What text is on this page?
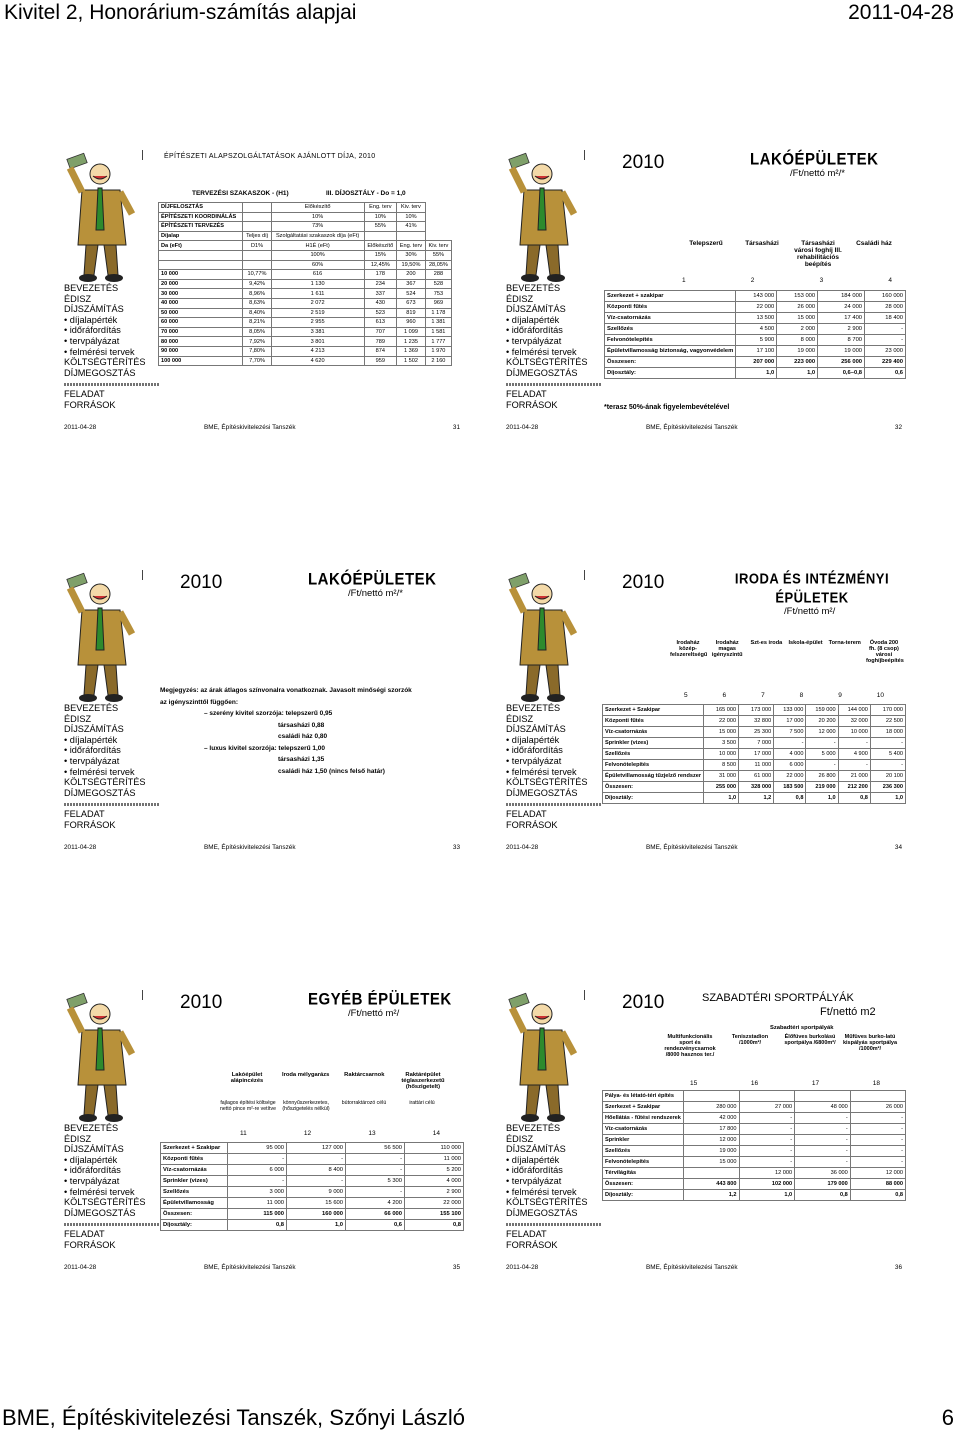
Kivitel 2, Honorárium-számítás alapjai	2011-04-28
BEVEZETÉS
ÉDISZ
DÍJSZÁMÍTÁS
• díjalapérték
• időráfordítás
• tervpályázat
• felmérési tervek
KÖLTSÉGTÉRÍTÉS
DÍJMEGOSZTÁS
FELADAT
FORRÁSOK
2011-04-28	BME, Építéskivitelezési Tanszék	31
ÉPÍTÉSZETI ALAPSZOLGÁLTATÁSOK AJÁNLOTT DÍJA, 2010
TERVEZÉSI SZAKASZOK - (H1)	III. DÍJOSZTÁLY - Do = 1,0
DÍJFELOSZTÁS		Előkészítő	Eng. terv	Kiv. terv	
ÉPÍTÉSZETI KOORDINÁLÁS		10%	10%	10%	
ÉPÍTÉSZETI TERVEZÉS		73%	55%	41%	
Díjalap	Teljes díj	Szolgáltatási szakaszok díja (eFt)			
Da (eFt)	D1%	H1É (eFt)	Előkészítő	Eng. terv	Kiv. terv
		100%	15%	30%	55%
		60%	12,45%	19,50%	28,05%
10 000	10,77%	616	178	200	288
20 000	9,42%	1 130	234	367	528
30 000	8,96%	1 611	337	524	753
40 000	8,63%	2 072	430	673	969
50 000	8,40%	2 519	523	819	1 178
60 000	8,21%	2 955	613	960	1 381
70 000	8,05%	3 381	707	1 099	1 581
80 000	7,92%	3 801	789	1 235	1 777
90 000	7,80%	4 213	874	1 369	1 970
100 000	7,70%	4 620	959	1 502	2 160
BEVEZETÉS
ÉDISZ
DÍJSZÁMÍTÁS
• díjalapérték
• időráfordítás
• tervpályázat
• felmérési tervek
KÖLTSÉGTÉRÍTÉS
DÍJMEGOSZTÁS
FELADAT
FORRÁSOK
2011-04-28	BME, Építéskivitelezési Tanszék	32
2010	LAKÓÉPÜLETEK
/Ft/nettó m²/*
Telepszerű	Társasházi	Társasházi városi foghíj III. rehabilitációs beépítés
Családi ház
1	2	3	4
Szerkezet + szakipar	143 000	153 000	184 000	160 000
Központi fűtés	22 000	26 000	24 000	28 000
Víz-csatornázás	13 500	15 000	17 400	18 400
Szellőzés	4 500	2 000	2 900	-
Felvonótelepítés	5 900	8 000	8 700	-
Épületvillamosság biztonság, vagyonvédelem	17 100	19 000	19 000	23 000
Összesen:	207 000	223 000	256 000	229 400
Díjosztály:	1,0	1,0	0,6–0,8	0,6
*terasz 50%-ának figyelembevételével
BEVEZETÉS
ÉDISZ
DÍJSZÁMÍTÁS
• díjalapérték
• időráfordítás
• tervpályázat
• felmérési tervek
KÖLTSÉGTÉRÍTÉS
DÍJMEGOSZTÁS
FELADAT
FORRÁSOK
2011-04-28	BME, Építéskivitelezési Tanszék	33
2010	LAKÓÉPÜLETEK
/Ft/nettó m²/*
Megjegyzés: az árak átlagos színvonalra vonatkoznak. Javasolt minőségi szorzók
az igényszinttől függően:
– szerény kivitel szorzója: telepszerű 0,95
társasházi 0,88
családi ház 0,80
– luxus kivitel szorzója: telepszerű 1,00
társasházi 1,35
családi ház 1,50 (nincs felső határ)
BEVEZETÉS
ÉDISZ
DÍJSZÁMÍTÁS
• díjalapérték
• időráfordítás
• tervpályázat
• felmérési tervek
KÖLTSÉGTÉRÍTÉS
DÍJMEGOSZTÁS
FELADAT
FORRÁSOK
2011-04-28	BME, Építéskivitelezési Tanszék	34
2010	IRODA ÉS INTÉZMÉNYI ÉPÜLETEK
/Ft/nettó m²/
Irodaház közép-felszereltségű
Irodaház magas igényszintű
Szt-es iroda	Iskola-épület	Torna-terem	Óvoda 200 fh. (8 csop) városi foghíjbeépítés
5	6	7	8	9	10
Szerkezet + Szakipar	165 000	173 000	133 000	159 000	144 000	170 000
Központi fűtés	22 000	32 800	17 000	20 200	32 000	22 500
Víz-csatornázás	15 000	25 300	7 500	12 000	10 000	18 000
Sprinkler (vizes)	3 500	7 000	-	-	-	-
Szellőzés	10 000	17 000	4 000	5 000	4 900	5 400
Felvonótelepítés	8 500	11 000	6 000	-	-	-
Épületvillamosság tűzjelző rendszer	31 000	61 000	22 000	26 800	21 000	20 100
Összesen:	255 000	328 000	183 500	219 000	212 200	236 300
Díjosztály:	1,0	1,2	0,8	1,0	0,8	1,0
BEVEZETÉS
ÉDISZ
DÍJSZÁMÍTÁS
• díjalapérték
• időráfordítás
• tervpályázat
• felmérési tervek
KÖLTSÉGTÉRÍTÉS
DÍJMEGOSZTÁS
FELADAT
FORRÁSOK
2011-04-28	BME, Építéskivitelezési Tanszék	35
2010	EGYÉB ÉPÜLETEK
/Ft/nettó m²/
Lakóépület alápincézés
Iroda mélygarázs	Raktárcsarnok	Raktárépület téglaszerkezetű (hőszigetelt)
fajlagos építési költsége nettó pince m²-re vetítve
könnyűszerkezetes, (hőszigetelés nélkül)
bútorraktározó célú	irattári célú
11	12	13	14
Szerkezet + Szakipar	95 000	127 000	56 500	110 000
Központi fűtés	-	-	-	11 000
Víz-csatornázás	6 000	8 400	-	5 200
Sprinkler (vizes)	-	-	5 300	4 000
Szellőzés	3 000	9 000	-	2 900
Épületvillamosság	11 000	15 600	4 200	22 000
Összesen:	115 000	160 000	66 000	155 100
Díjosztály:	0,8	1,0	0,6	0,8
BEVEZETÉS
ÉDISZ
DÍJSZÁMÍTÁS
• díjalapérték
• időráfordítás
• tervpályázat
• felmérési tervek
KÖLTSÉGTÉRÍTÉS
DÍJMEGOSZTÁS
FELADAT
FORRÁSOK
2011-04-28	BME, Építéskivitelezési Tanszék	36
2010	SZABADTÉRI SPORTPÁLYÁK
Ft/nettó m2
Szabadtéri sportpályák
Multifunkcionális sport és rendezvénycsarnok /8000 hasznos ter./
Teniszstadion /1000m²/
Élőfüves burkolású sportpálya /6800m²/
Műfüves burko-latú kispályás sportpálya /1000m²/
15	16	17	18
Pálya- és létató-téri építés				
Szerkezet + Szakipar	280 000	27 000	48 000	26 000
Hőellátás - fűtési rendszerek	42 000	-	-	-
Víz-csatornázás	17 800	-	-	-
Sprinkler	12 000	-	-	-
Szellőzés	19 000	-	-	-
Felvonótelepítés	15 000	-	-	-
Térvilágítás		12 000	36 000	12 000
Összesen:	443 800	102 000	179 000	88 000
Díjosztály:	1,2	1,0	0,8	0,8
BME, Építéskivitelezési Tanszék, Szőnyi László	6
